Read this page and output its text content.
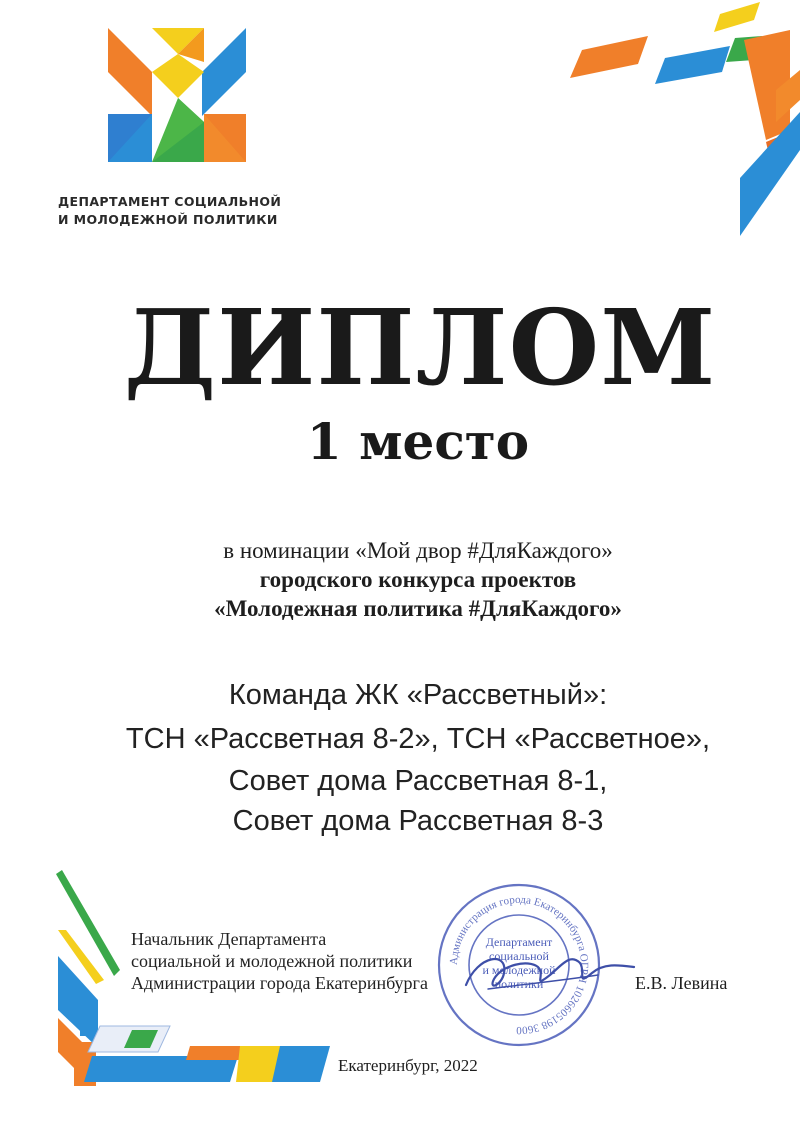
ДЕПАРТАМЕНТ СОЦИАЛЬНОЙ
И МОЛОДЕЖНОЙ ПОЛИТИКИ
ДИПЛОМ
1 место
в номинации «Мой двор #ДляКаждого»
городского конкурса проектов
«Молодежная политика #ДляКаждого»
Команда ЖК «Рассветный»:
ТСН «Рассветная 8-2», ТСН «Рассветное»,
Совет дома Рассветная 8-1,
Совет дома Рассветная 8-3
Администрация города Екатеринбурга ОГРН 1026605198 3600
Департамент
социальной
и молодежной
политики
Начальник Департамента
социальной и молодежной политики
Администрации города Екатеринбурга	Е.В. Левина
Екатеринбург, 2022
